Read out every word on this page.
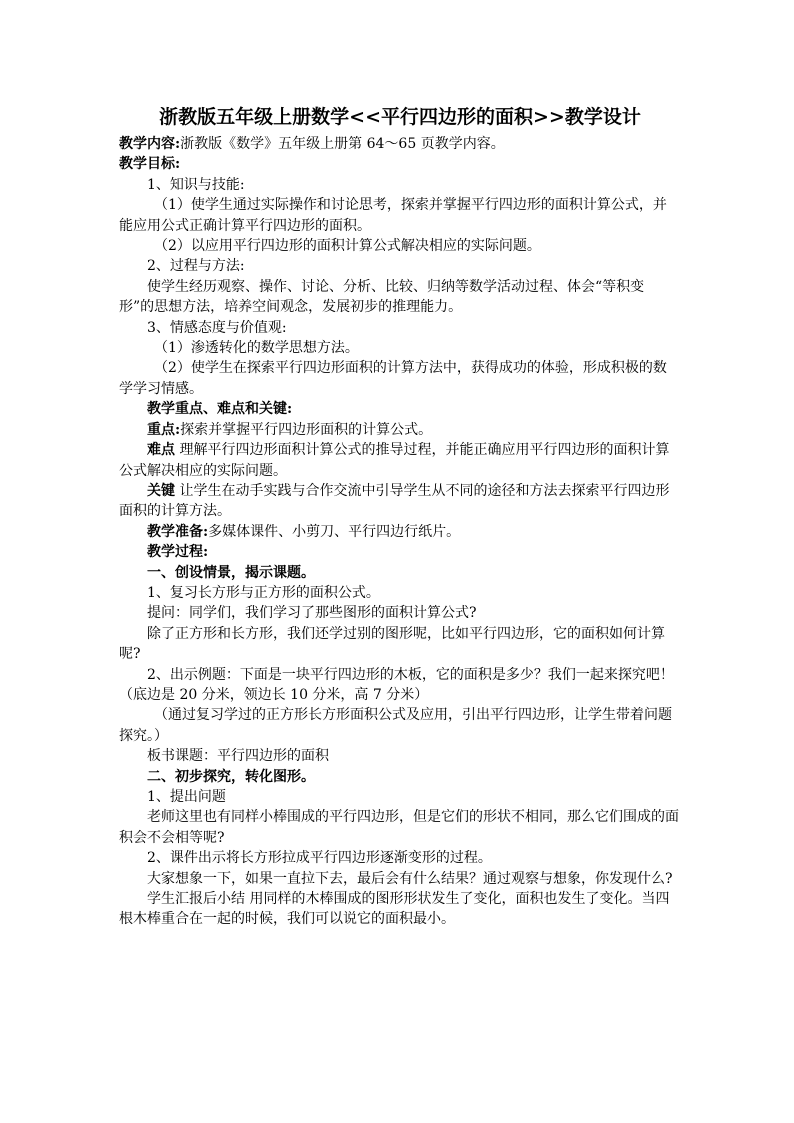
浙教版五年级上册数学<<平行四边形的面积>>教学设计

教学内容:浙教版《数学》五年级上册第 64～65 页教学内容。

教学目标:

1、知识与技能:

（1）使学生通过实际操作和讨论思考，探索并掌握平行四边形的面积计算公式，并能应用公式正确计算平行四边形的面积。

（2）以应用平行四边形的面积计算公式解决相应的实际问题。

2、过程与方法:

使学生经历观察、操作、讨论、分析、比较、归纳等数学活动过程、体会“等积变形”的思想方法，培养空间观念，发展初步的推理能力。

3、情感态度与价值观:

（1）渗透转化的数学思想方法。

（2）使学生在探索平行四边形面积的计算方法中，获得成功的体验，形成积极的数学学习情感。

教学重点、难点和关键:

重点:探索并掌握平行四边形面积的计算公式。

难点 理解平行四边形面积计算公式的推导过程，并能正确应用平行四边形的面积计算公式解决相应的实际问题。

关键 让学生在动手实践与合作交流中引导学生从不同的途径和方法去探索平行四边形面积的计算方法。

教学准备:多媒体课件、小剪刀、平行四边行纸片。

教学过程:

一、创设情景，揭示课题。

1、复习长方形与正方形的面积公式。

提问：同学们，我们学习了那些图形的面积计算公式?

除了正方形和长方形，我们还学过别的图形呢，比如平行四边形，它的面积如何计算呢?

2、出示例题：下面是一块平行四边形的木板，它的面积是多少？我们一起来探究吧！（底边是 20 分米，领边长 10 分米，高 7 分米）

（通过复习学过的正方形长方形面积公式及应用，引出平行四边形，让学生带着问题探究。）

板书课题：平行四边形的面积

二、初步探究，转化图形。

1、提出问题

老师这里也有同样小棒围成的平行四边形，但是它们的形状不相同，那么它们围成的面积会不会相等呢?

2、课件出示将长方形拉成平行四边形逐渐变形的过程。

大家想象一下，如果一直拉下去，最后会有什么结果？通过观察与想象，你发现什么?

学生汇报后小结 用同样的木棒围成的图形形状发生了变化，面积也发生了变化。当四根木棒重合在一起的时候，我们可以说它的面积最小。
